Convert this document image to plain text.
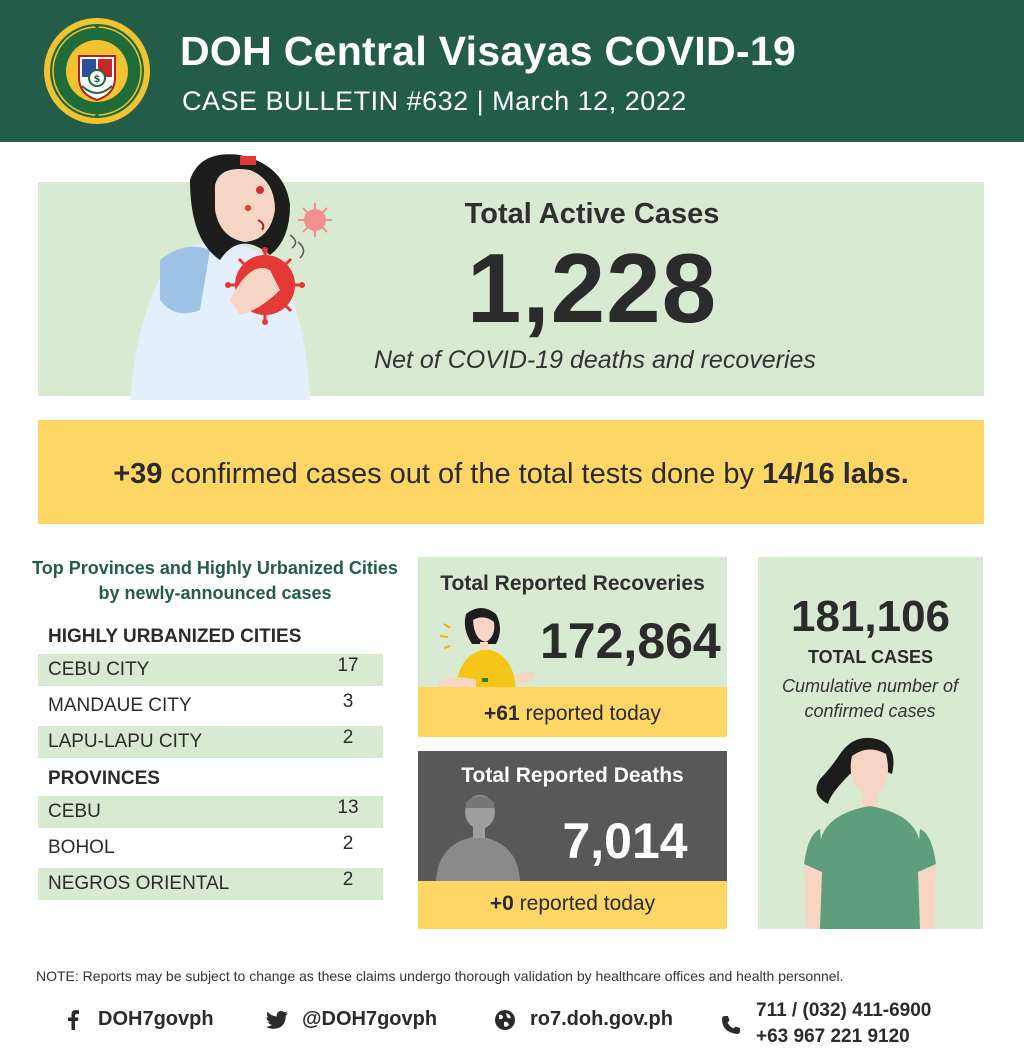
$
DOH Central Visayas COVID-19
CASE BULLETIN #632 | March 12, 2022
Total Active Cases
1,228
Net of COVID-19 deaths and recoveries
+39 confirmed cases out of the total tests done by 14/16 labs.
Top Provinces and Highly Urbanized Cities
by newly-announced cases
HIGHLY URBANIZED CITIES
CEBU CITY	17
MANDAUE CITY	3
LAPU-LAPU CITY	2
PROVINCES
CEBU	13
BOHOL	2
NEGROS ORIENTAL	2
Total Reported Recoveries
172,864
+61 reported today
Total Reported Deaths
7,014
+0 reported today
181,106
TOTAL CASES
Cumulative number of
confirmed cases
NOTE: Reports may be subject to change as these claims undergo thorough validation by healthcare offices and health personnel.
DOH7govph	@DOH7govph	ro7.doh.gov.ph	711 / (032) 411-6900
+63 967 221 9120
